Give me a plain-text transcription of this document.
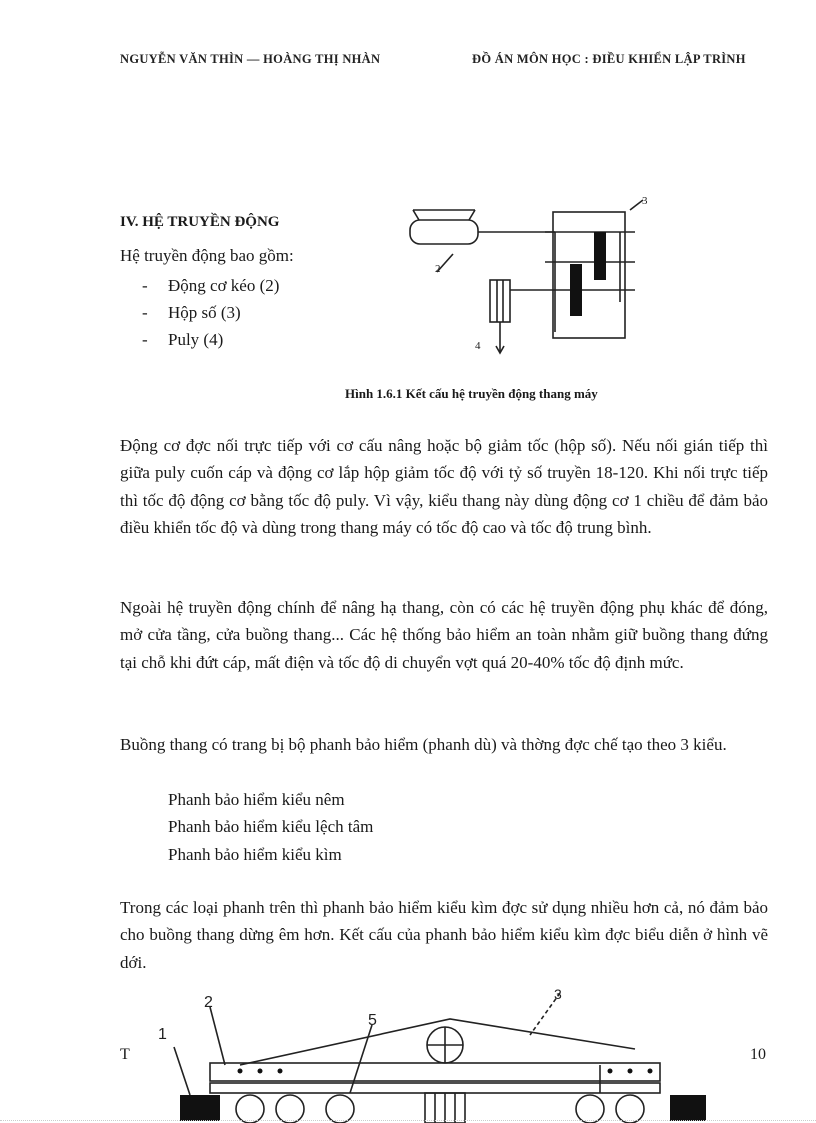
NGUYỄN VĂN THÌN — HOÀNG THỊ NHÀN	ĐỒ ÁN MÔN HỌC : ĐIỀU KHIỂN LẬP TRÌNH
IV. HỆ TRUYỀN ĐỘNG
Hệ truyền động bao gồm:
- Động cơ kéo (2)
- Hộp số (3)
- Puly (4)
3
2
4
Hình 1.6.1 Kết cấu hệ truyền động thang máy

Động cơ đợc nối trực tiếp với cơ cấu nâng hoặc bộ giảm tốc (hộp số). Nếu nối gián tiếp thì giữa puly cuốn cáp và động cơ lắp hộp giảm tốc độ với tỷ số truyền 18-120. Khi nối trực tiếp thì tốc độ động cơ bằng tốc độ puly. Vì vậy, kiểu thang này dùng động cơ 1 chiều để đảm bảo điều khiển tốc độ và dùng trong thang máy có tốc độ cao và tốc độ trung bình.

Ngoài hệ truyền động chính để nâng hạ thang, còn có các hệ truyền động phụ khác để đóng, mở cửa tầng, cửa buồng thang... Các hệ thống bảo hiểm an toàn nhằm giữ buồng thang đứng tại chỗ khi đứt cáp, mất điện và tốc độ di chuyển vợt quá 20-40% tốc độ định mức.

Buồng thang có trang bị bộ phanh bảo hiểm (phanh dù) và thờng đợc chế tạo theo 3 kiểu.

Phanh bảo hiểm kiểu nêm
Phanh bảo hiểm kiểu lệch tâm
Phanh bảo hiểm kiểu kìm

Trong các loại phanh trên thì phanh bảo hiểm kiểu kìm đợc sử dụng nhiều hơn cả, nó đảm bảo cho buồng thang dừng êm hơn. Kết cấu của phanh bảo hiểm kiểu kìm đợc biểu diễn ở hình vẽ dới.

1
2
5
3
T	10
